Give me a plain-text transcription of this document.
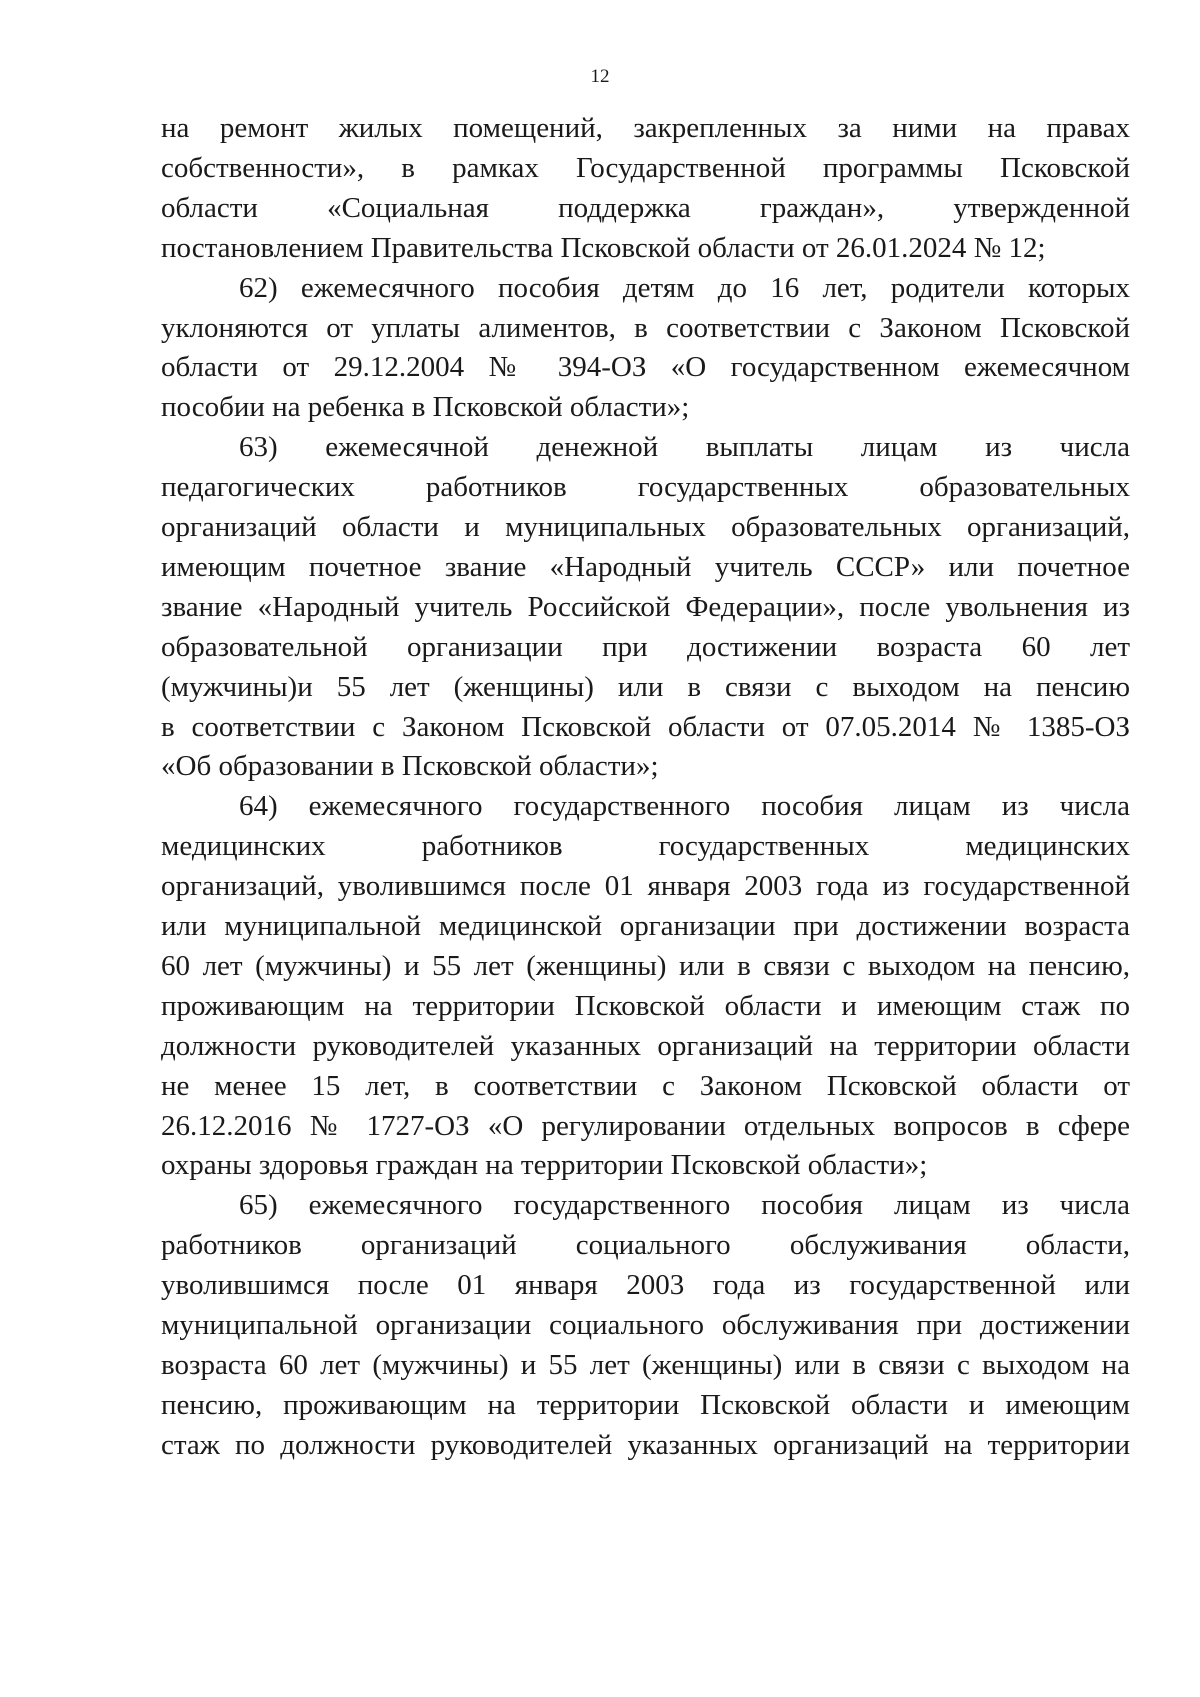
12
на ремонт жилых помещений, закрепленных за ними на правах
собственности», в рамках Государственной программы Псковской
области «Социальная поддержка граждан», утвержденной
постановлением Правительства Псковской области от 26.01.2024 № 12;
62) ежемесячного пособия детям до 16 лет, родители которых
уклоняются от уплаты алиментов, в соответствии с Законом Псковской
области от 29.12.2004 № 394-ОЗ «О государственном ежемесячном
пособии на ребенка в Псковской области»;
63) ежемесячной денежной выплаты лицам из числа
педагогических работников государственных образовательных
организаций области и муниципальных образовательных организаций,
имеющим почетное звание «Народный учитель СССР» или почетное
звание «Народный учитель Российской Федерации», после увольнения из
образовательной организации при достижении возраста 60 лет
(мужчины)и 55 лет (женщины) или в связи с выходом на пенсию
в соответствии с Законом Псковской области от 07.05.2014 № 1385-ОЗ
«Об образовании в Псковской области»;
64) ежемесячного государственного пособия лицам из числа
медицинских работников государственных медицинских
организаций, уволившимся после 01 января 2003 года из государственной
или муниципальной медицинской организации при достижении возраста
60 лет (мужчины) и 55 лет (женщины) или в связи с выходом на пенсию,
проживающим на территории Псковской области и имеющим стаж по
должности руководителей указанных организаций на территории области
не менее 15 лет, в соответствии с Законом Псковской области от
26.12.2016 № 1727-ОЗ «О регулировании отдельных вопросов в сфере
охраны здоровья граждан на территории Псковской области»;
65) ежемесячного государственного пособия лицам из числа
работников организаций социального обслуживания области,
уволившимся после 01 января 2003 года из государственной или
муниципальной организации социального обслуживания при достижении
возраста 60 лет (мужчины) и 55 лет (женщины) или в связи с выходом на
пенсию, проживающим на территории Псковской области и имеющим
стаж по должности руководителей указанных организаций на территории
